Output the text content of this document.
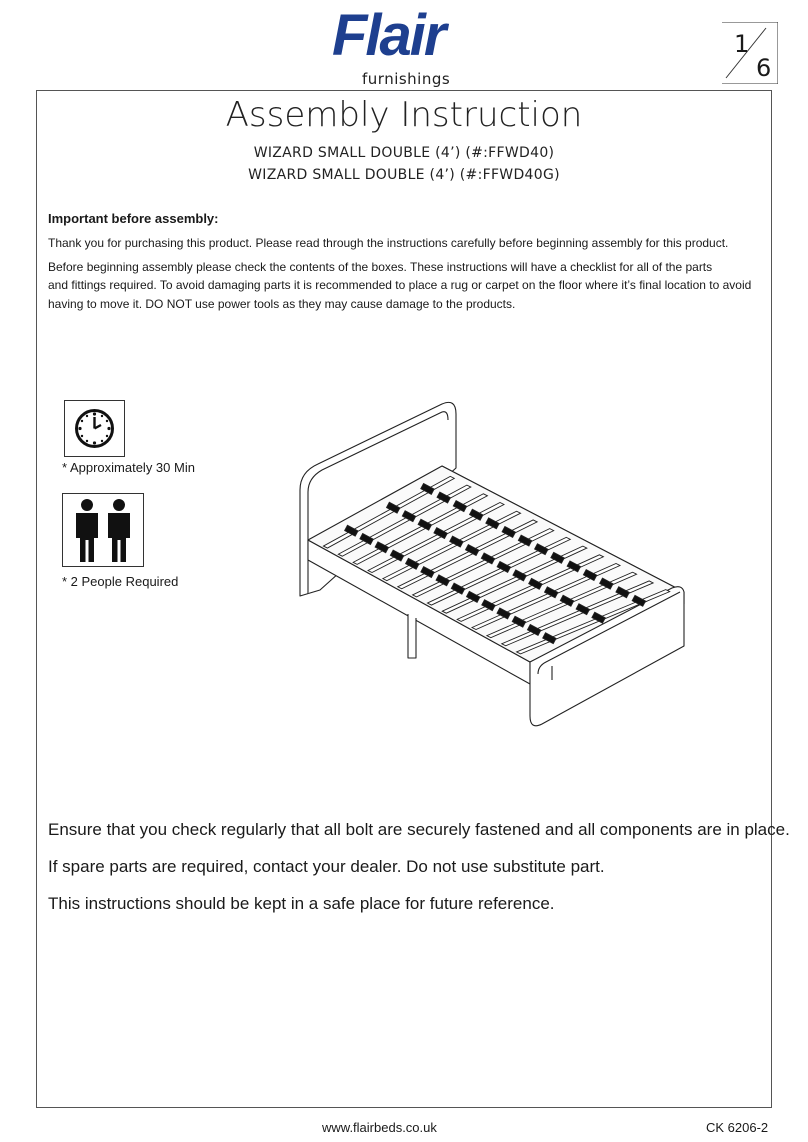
Flair
furnishings
1
6
Assembly Instruction
WIZARD SMALL DOUBLE (4’) (#:FFWD40)
WIZARD SMALL DOUBLE (4’) (#:FFWD40G)
Important before assembly:
Thank you for purchasing this product. Please read through the instructions carefully before beginning assembly for this product.
Before beginning assembly please check the contents of the boxes. These instructions will have a checklist for all of the parts
and fittings required. To avoid damaging parts it is recommended to place a rug or carpet on the floor where it’s final location to avoid
having to move it. DO NOT use power tools as they may cause damage to the products.
* Approximately 30 Min
* 2 People Required
Ensure that you check regularly that all bolt are securely fastened and all components are in place.
If spare parts are required, contact your dealer. Do not use substitute part.
This instructions should be kept in a safe place for future reference.
www.flairbeds.co.uk	CK 6206-2
